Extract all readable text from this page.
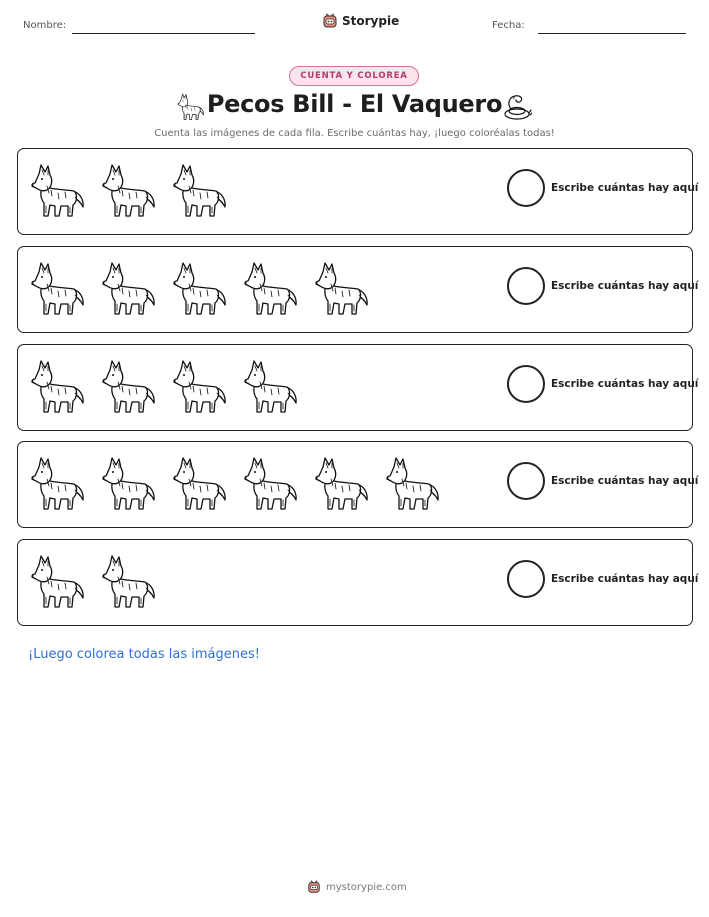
Nombre:	Storypie	Fecha:
CUENTA Y COLOREA
Pecos Bill - El Vaquero
Cuenta las imágenes de cada fila. Escribe cuántas hay, ¡luego coloréalas todas!
Escribe cuántas hay aquí
Escribe cuántas hay aquí
Escribe cuántas hay aquí
Escribe cuántas hay aquí
Escribe cuántas hay aquí
¡Luego colorea todas las imágenes!
mystorypie.com
